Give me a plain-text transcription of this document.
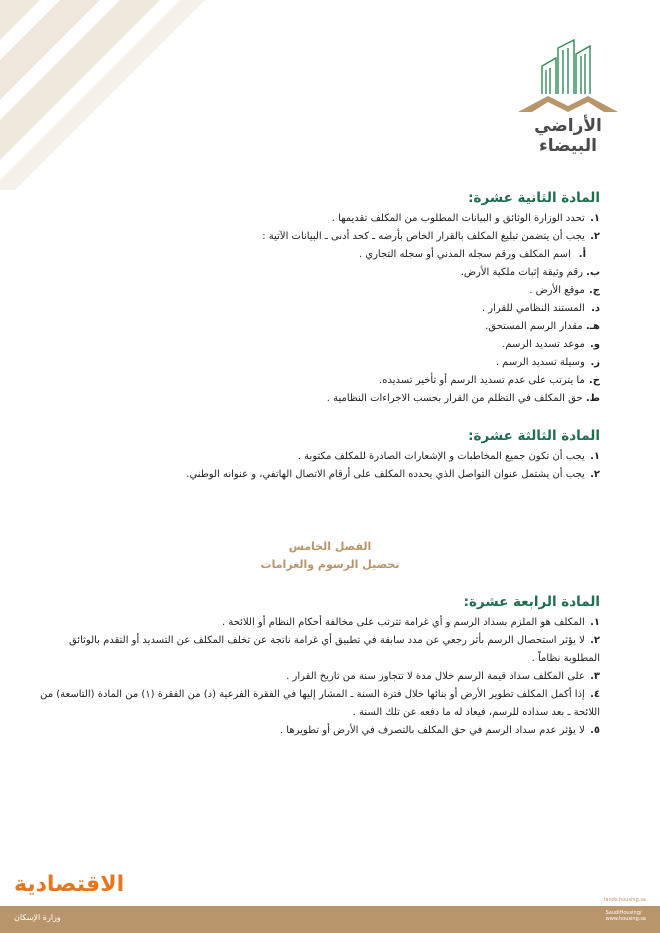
الأراضي البيضاء
المادة الثانية عشرة:

١. تحدد الوزارة الوثائق و البيانات المطلوب من المكلف تقديمها .

٢. يجب أن يتضمن تبليغ المكلف بالقرار الخاص بأرضه ـ كحد أدنى ـ البيانات الآتية :

أ. اسم المكلف ورقم سجله المدني أو سجله التجاري .

ب. رقم وثيقة إثبات ملكية الأرض.

ج. موقع الأرض .

د. المستند النظامي للقرار .

هـ. مقدار الرسم المستحق.

و. موعد تسديد الرسم.

ز. وسيلة تسديد الرسم .

ح. ما يترتب على عدم تسديد الرسم أو تأخير تسديده.

ط. حق المكلف في التظلم من القرار بحسب الاجراءات النظامية .

المادة الثالثة عشرة:

١. يجب أن تكون جميع المخاطبات و الإشعارات الصادرة للمكلف مكتوبة .

٢. يجب أن يشتمل عنوان التواصل الذي يحدده المكلف على أرقام الاتصال الهاتفي، و عنوانه الوطني.

الفصل الخامس
تحصيل الرسوم والغرامات
المادة الرابعة عشرة:

١. المكلف هو الملزم بسداد الرسم و أي غرامة تترتب على مخالفة أحكام النظام أو اللائحة .

٢. لا يؤثر استحصال الرسم بأثر رجعي عن مدد سابقة في تطبيق أي غرامة ناتجة عن تخلف المكلف عن التسديد أو التقدم بالوثائق المطلوبة نظاماً .

٣. على المكلف سداد قيمة الرسم خلال مدة لا تتجاوز سنة من تاريخ القرار .

٤. إذا أكمل المكلف تطوير الأرض أو بنائها خلال فترة السنة ـ المشار إليها في الفقرة الفرعية (د) من الفقرة (١) من المادة (التاسعة) من اللائحة ـ بعد سداده للرسم، فيعاد له ما دفعه عن تلك السنة .

٥. لا يؤثر عدم سداد الرسم في حق المكلف بالتصرف في الأرض أو تطويرها .

الاقتصادية
lands.housing.sa
وزارة الإسكان	SaudiHousing/
www.housing.sa
